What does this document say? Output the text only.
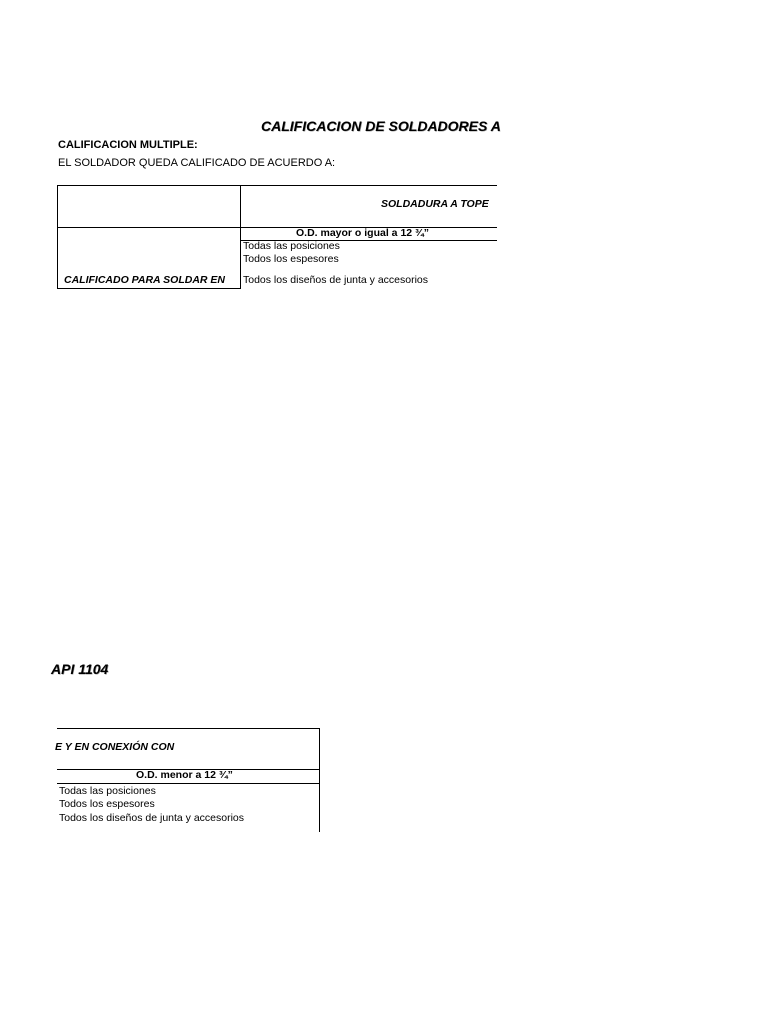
CALIFICACION DE SOLDADORES A
CALIFICACION MULTIPLE:
EL SOLDADOR QUEDA CALIFICADO DE ACUERDO A:
SOLDADURA A TOPE
O.D. mayor o igual a 12 ¾”
Todas las posiciones
Todos los espesores
Todos los diseños de junta y accesorios
CALIFICADO PARA SOLDAR EN
API 1104
E Y EN CONEXIÓN CON
O.D. menor a 12 ¾”
Todas las posiciones
Todos los espesores
Todos los diseños de junta y accesorios
